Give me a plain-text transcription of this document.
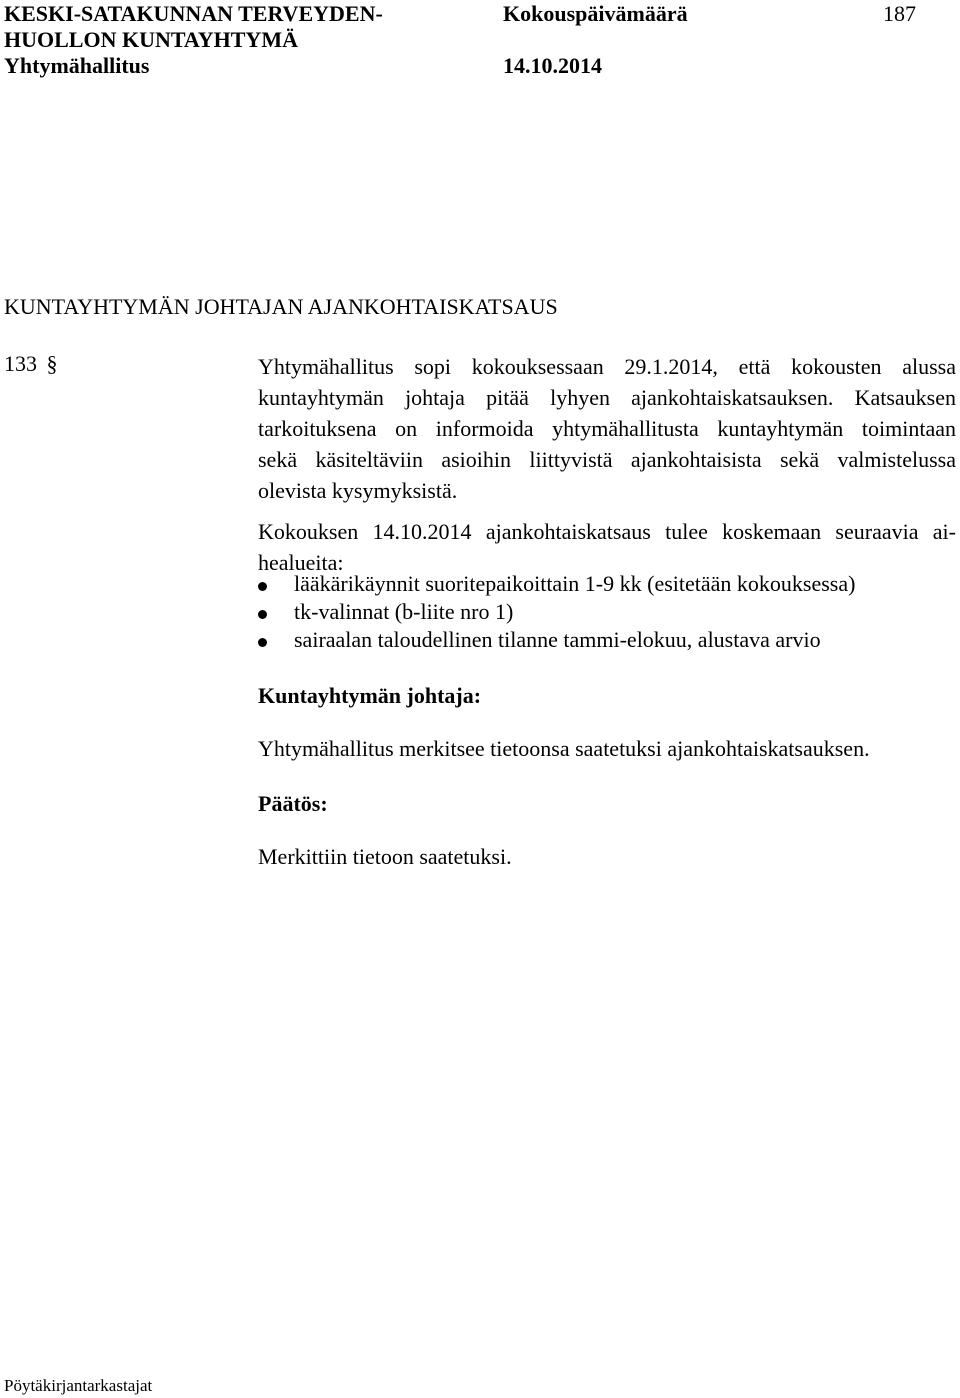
KESKI-SATAKUNNAN TERVEYDEN-
HUOLLON KUNTAYHTYMÄ
Yhtymähallitus
Kokouspäivämäärä
14.10.2014
187
KUNTAYHTYMÄN JOHTAJAN AJANKOHTAISKATSAUS
133 §	Yhtymähallitus sopi kokouksessaan 29.1.2014, että kokousten alussa
kuntayhtymän johtaja pitää lyhyen ajankohtaiskatsauksen. Katsauksen
tarkoituksena on informoida yhtymähallitusta kuntayhtymän toimintaan
sekä käsiteltäviin asioihin liittyvistä ajankohtaisista sekä valmistelussa
olevista kysymyksistä.
Kokouksen 14.10.2014 ajankohtaiskatsaus tulee koskemaan seuraavia ai-
healueita:
lääkärikäynnit suoritepaikoittain 1-9 kk (esitetään kokouksessa)
tk-valinnat (b-liite nro 1)
sairaalan taloudellinen tilanne tammi-elokuu, alustava arvio
Kuntayhtymän johtaja:
Yhtymähallitus merkitsee tietoonsa saatetuksi ajankohtaiskatsauksen.
Päätös:
Merkittiin tietoon saatetuksi.
Pöytäkirjantarkastajat
